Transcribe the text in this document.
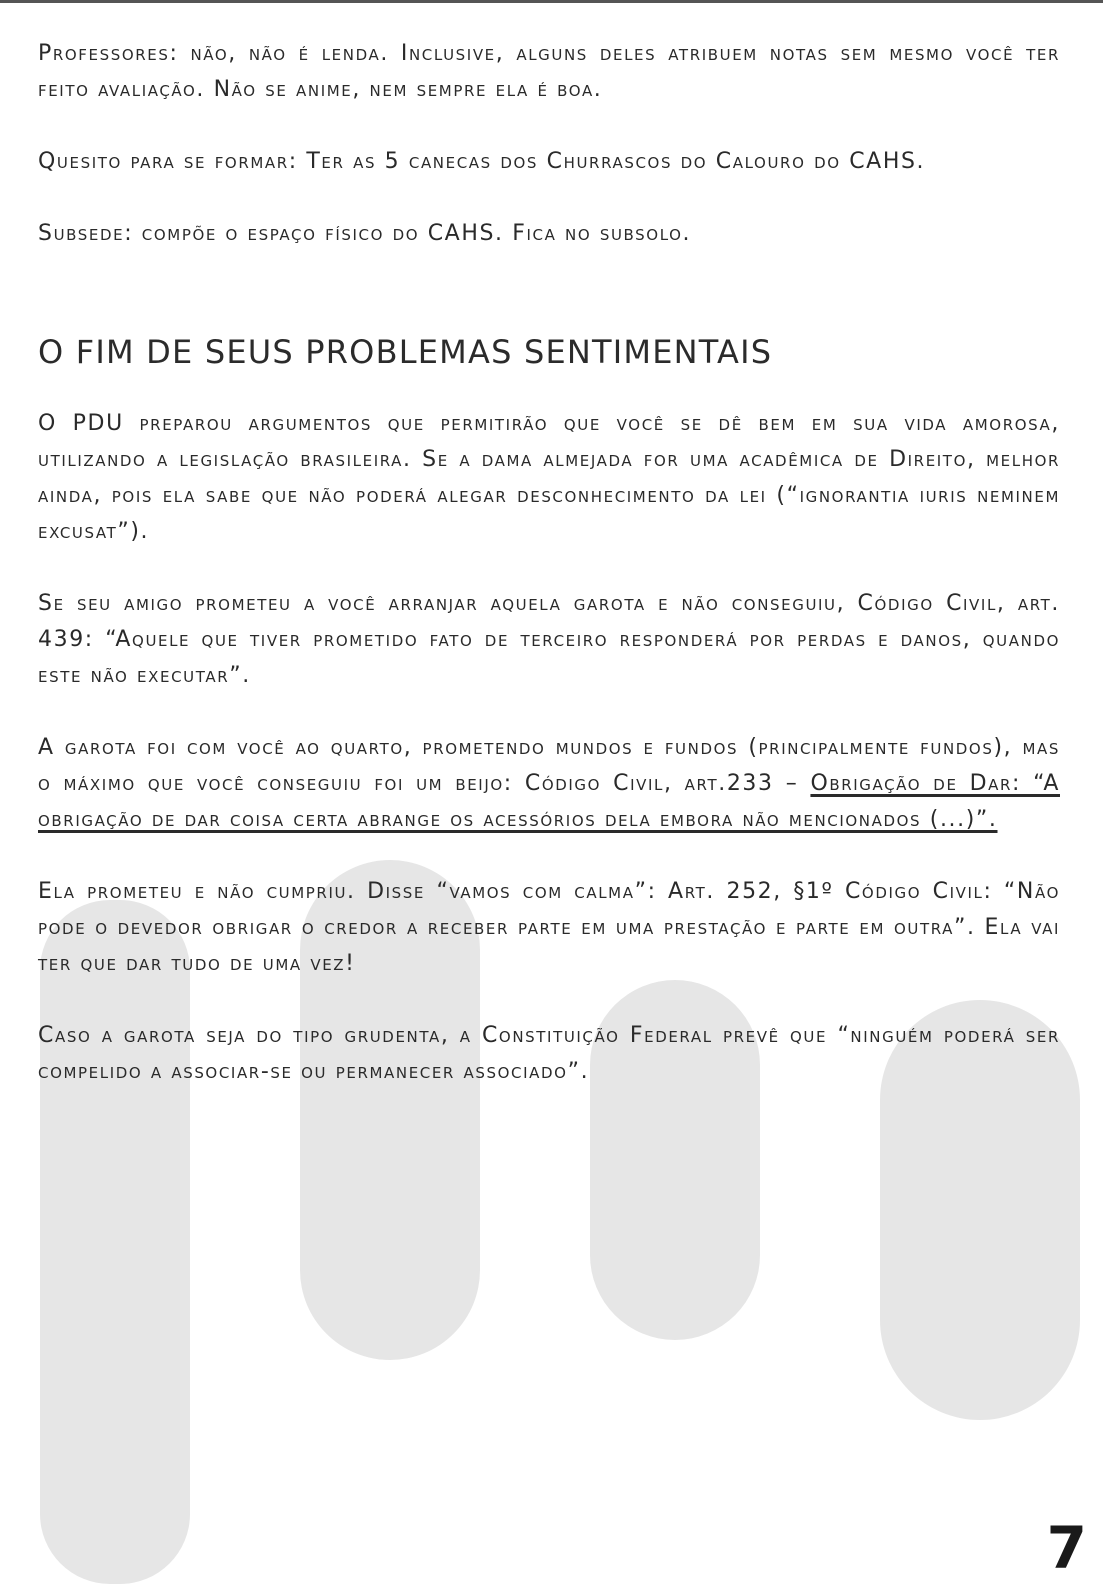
Professores: não, não é lenda. Inclusive, alguns deles atribuem notas sem mesmo você ter feito avaliação. Não se anime, nem sempre ela é boa.

Quesito para se formar: Ter as 5 canecas dos Churrascos do Calouro do CAHS.

Subsede: compõe o espaço físico do CAHS. Fica no subsolo.

O FIM DE SEUS PROBLEMAS SENTIMENTAIS

O PDU preparou argumentos que permitirão que você se dê bem em sua vida amorosa, utilizando a legislação brasileira. Se a dama almejada for uma acadêmica de Direito, melhor ainda, pois ela sabe que não poderá alegar desconhecimento da lei (“ignorantia iuris neminem excusat”).

Se seu amigo prometeu a você arranjar aquela garota e não conseguiu, Código Civil, art. 439: “Aquele que tiver prometido fato de terceiro responderá por perdas e danos, quando este não executar”.

A garota foi com você ao quarto, prometendo mundos e fundos (principalmente fundos), mas o máximo que você conseguiu foi um beijo: Código Civil, art.233 – Obrigação de Dar: “A obrigação de dar coisa certa abrange os acessórios dela embora não mencionados (...)”.

Ela prometeu e não cumpriu. Disse “vamos com calma”: Art. 252, §1º Código Civil: “Não pode o devedor obrigar o credor a receber parte em uma prestação e parte em outra”. Ela vai ter que dar tudo de uma vez!

Caso a garota seja do tipo grudenta, a Constituição Federal prevê que “ninguém poderá ser compelido a associar-se ou permanecer associado”.

7
